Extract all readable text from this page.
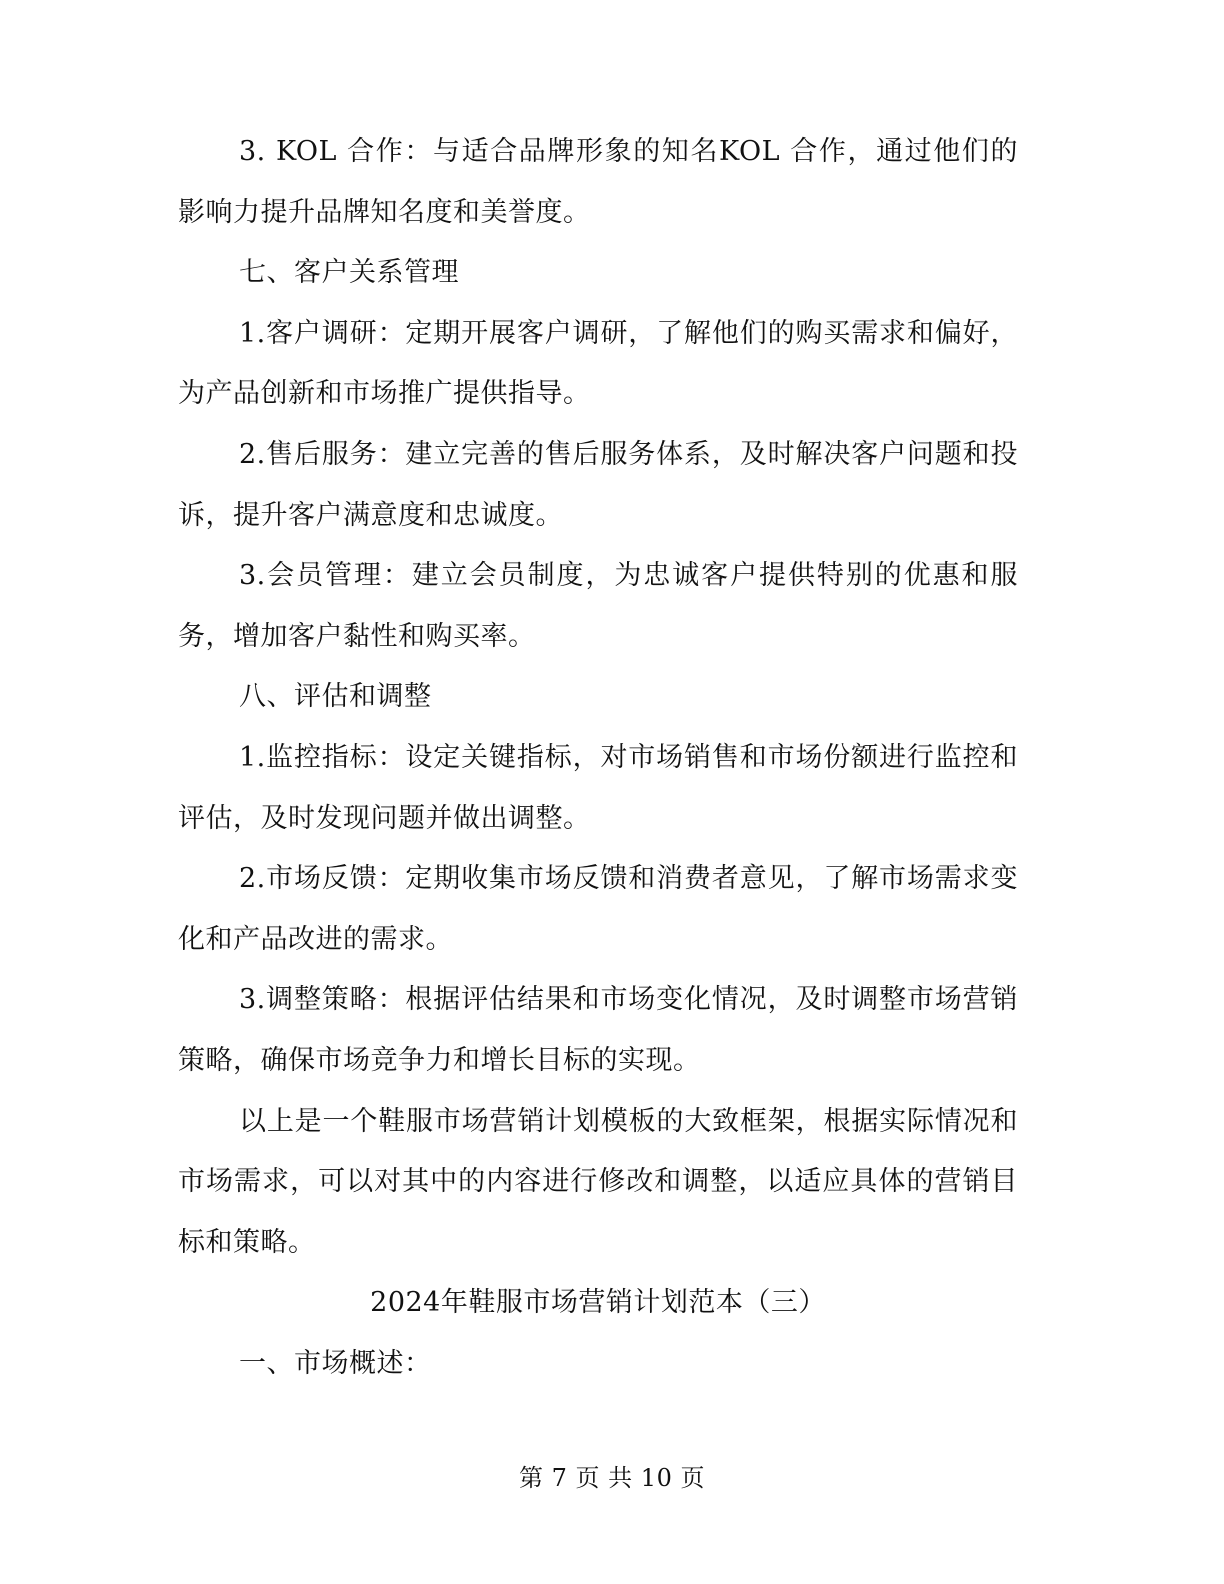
3. KOL 合作：与适合品牌形象的知名KOL 合作，通过他们的影响力提升品牌知名度和美誉度。

七、客户关系管理

1.客户调研：定期开展客户调研，了解他们的购买需求和偏好，为产品创新和市场推广提供指导。

2.售后服务：建立完善的售后服务体系，及时解决客户问题和投诉，提升客户满意度和忠诚度。

3.会员管理：建立会员制度，为忠诚客户提供特别的优惠和服务，增加客户黏性和购买率。

八、评估和调整

1.监控指标：设定关键指标，对市场销售和市场份额进行监控和评估，及时发现问题并做出调整。

2.市场反馈：定期收集市场反馈和消费者意见，了解市场需求变化和产品改进的需求。

3.调整策略：根据评估结果和市场变化情况，及时调整市场营销策略，确保市场竞争力和增长目标的实现。

以上是一个鞋服市场营销计划模板的大致框架，根据实际情况和市场需求，可以对其中的内容进行修改和调整，以适应具体的营销目标和策略。

2024年鞋服市场营销计划范本（三）

一、市场概述：

第 7 页 共 10 页
